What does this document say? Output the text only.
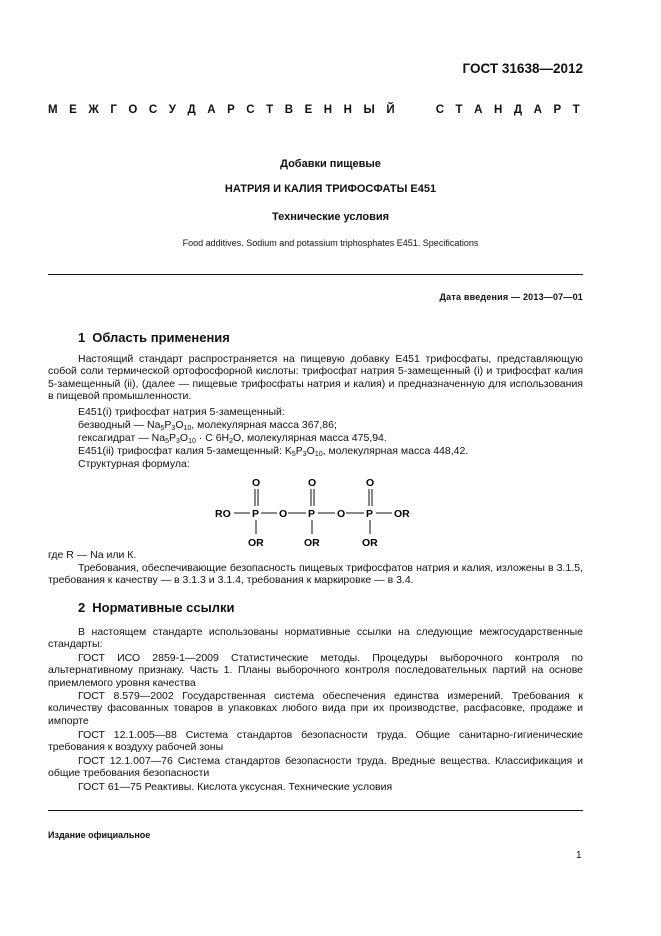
ГОСТ 31638—2012
М Е Ж Г О С У Д А Р С Т В Е Н Н Ы Й	С Т А Н Д А Р Т
Добавки пищевые
НАТРИЯ И КАЛИЯ ТРИФОСФАТЫ Е451
Технические условия
Food additives. Sodium and potassium triphosphates E451. Specifications
Дата введения — 2013—07—01
1 Область применения
Настоящий стандарт распространяется на пищевую добавку Е451 трифосфаты, представляющую собой соли термической ортофосфорной кислоты: трифосфат натрия 5-замещенный (i) и трифосфат калия 5-замещенный (ii), (далее — пищевые трифосфаты натрия и калия) и предназначенную для использования в пищевой промышленности.
Е451(i) трифосфат натрия 5-замещенный:
безводный — $Na_5P_3O_{10}$, молекулярная масса 367,86;
гексагидрат — $Na_5P_3O_{10} \cdot С$ $6Н_2О$, молекулярная масса 475,94.
Е451(ii) трифосфат калия 5-замещенный: $K_5P_3O_{10}$, молекулярная масса 448,42.
Структурная формула:
O	O	O
RO P O P O P OR
OR	OR	OR
где R — Na или К.
Требования, обеспечивающие безопасность пищевых трифосфатов натрия и калия, изложены в 3.1.5, требования к качеству — в 3.1.3 и 3.1.4, требования к маркировке — в 3.4.
2 Нормативные ссылки
В настоящем стандарте использованы нормативные ссылки на следующие межгосударственные стандарты:
ГОСТ ИСО 2859-1—2009 Статистические методы. Процедуры выборочного контроля по альтернативному признаку. Часть 1. Планы выборочного контроля последовательных партий на основе приемлемого уровня качества
ГОСТ 8.579—2002 Государственная система обеспечения единства измерений. Требования к количеству фасованных товаров в упаковках любого вида при их производстве, расфасовке, продаже и импорте
ГОСТ 12.1.005—88 Система стандартов безопасности труда. Общие санитарно-гигиенические требования к воздуху рабочей зоны
ГОСТ 12.1.007—76 Система стандартов безопасности труда. Вредные вещества. Классификация и общие требования безопасности
ГОСТ 61—75 Реактивы. Кислота уксусная. Технические условия
Издание официальное
1
